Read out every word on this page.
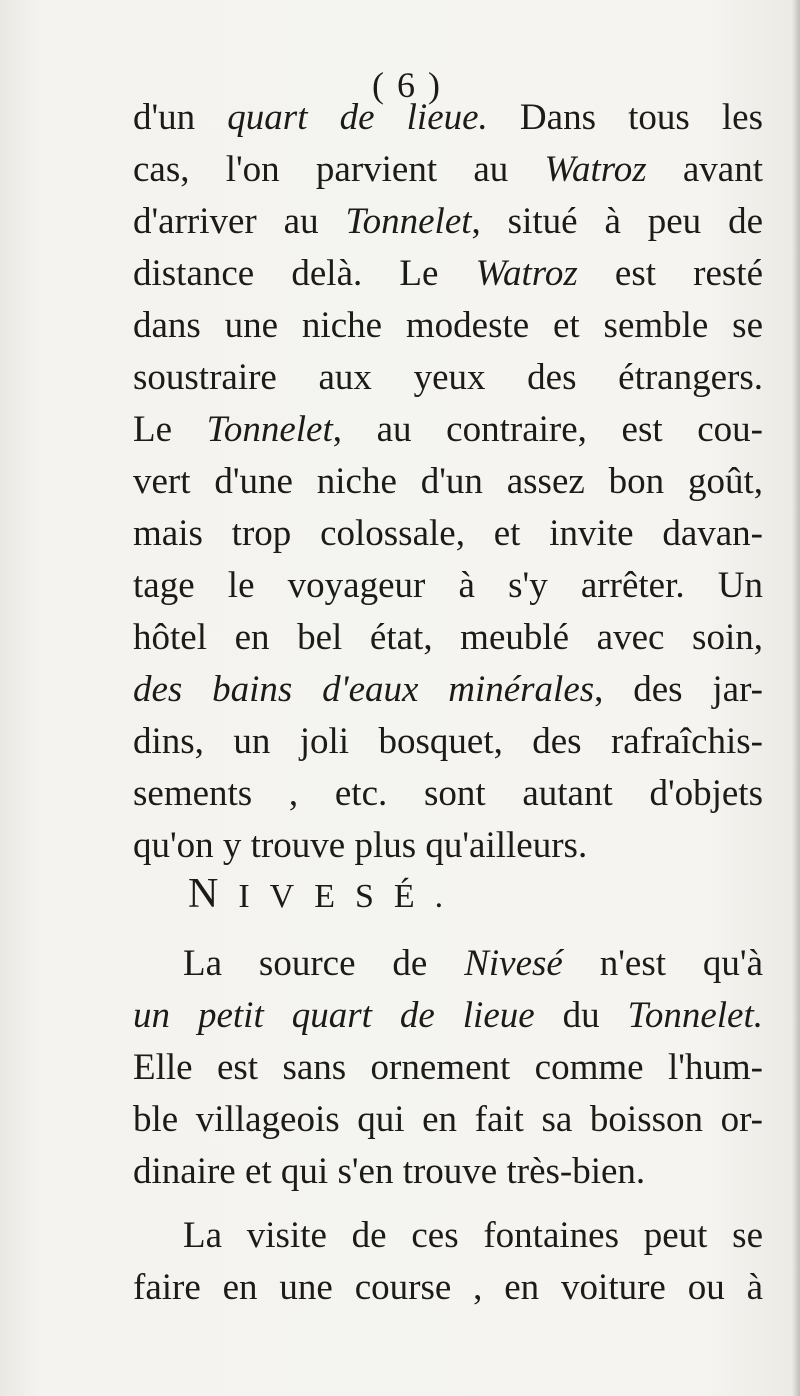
( 6 )
d'un quart de lieue. Dans tous les
cas, l'on parvient au Watroz avant
d'arriver au Tonnelet, situé à peu de
distance delà. Le Watroz est resté
dans une niche modeste et semble se
soustraire aux yeux des étrangers.
Le Tonnelet, au contraire, est cou-
vert d'une niche d'un assez bon goût,
mais trop colossale, et invite davan-
tage le voyageur à s'y arrêter. Un
hôtel en bel état, meublé avec soin,
des bains d'eaux minérales, des jar-
dins, un joli bosquet, des rafraîchis-
sements , etc. sont autant d'objets
qu'on y trouve plus qu'ailleurs.
NIVESÉ.
La source de Nivesé n'est qu'à
un petit quart de lieue du Tonnelet.
Elle est sans ornement comme l'hum-
ble villageois qui en fait sa boisson or-
dinaire et qui s'en trouve très-bien.
La visite de ces fontaines peut se
faire en une course , en voiture ou à
